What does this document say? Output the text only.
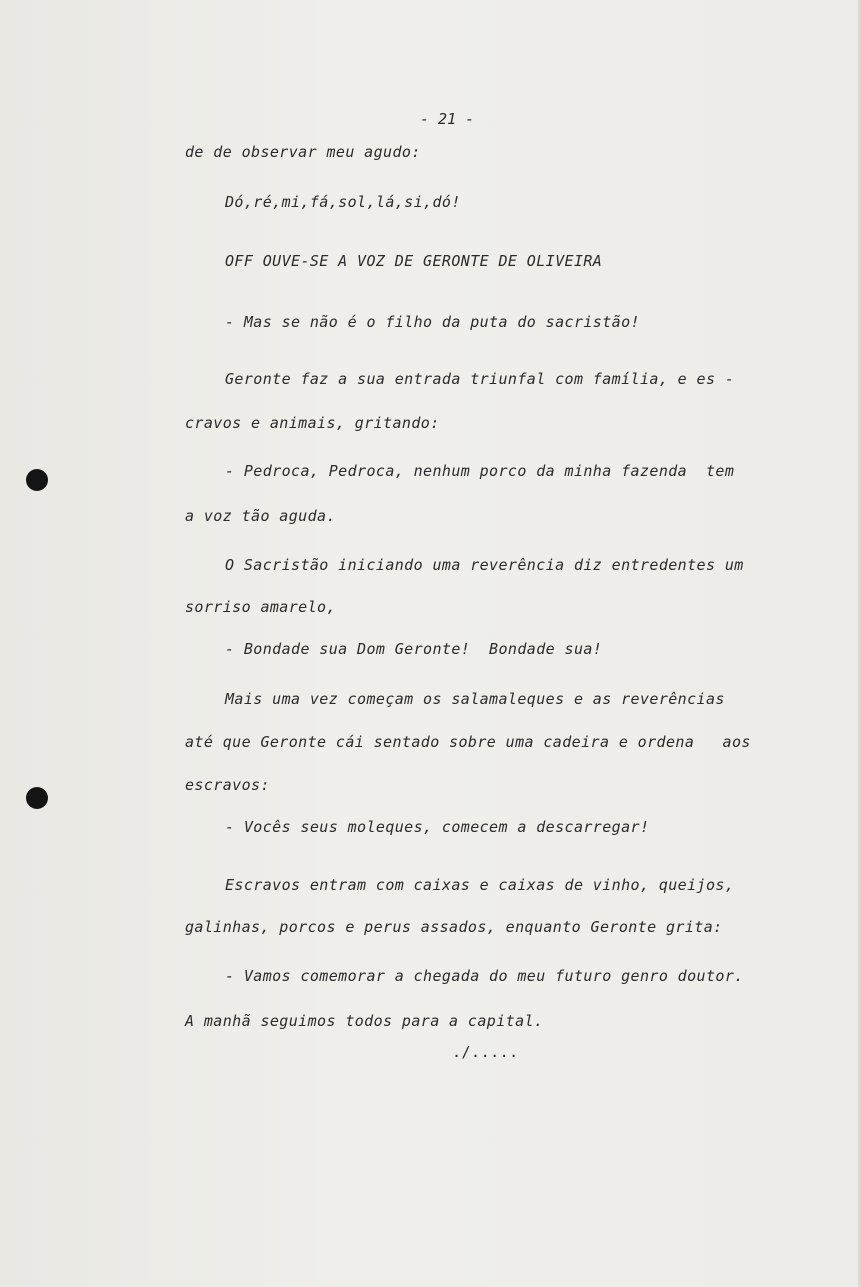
- 21 -
de de observar meu agudo:
Dó,ré,mi,fá,sol,lá,si,dó!
OFF OUVE-SE A VOZ DE GERONTE DE OLIVEIRA
- Mas se não é o filho da puta do sacristão!
Geronte faz a sua entrada triunfal com família, e es -
cravos e animais, gritando:
- Pedroca, Pedroca, nenhum porco da minha fazenda  tem
a voz tão aguda.
O Sacristão iniciando uma reverência diz entredentes um
sorriso amarelo,
- Bondade sua Dom Geronte!  Bondade sua!
Mais uma vez começam os salamaleques e as reverências
até que Geronte cái sentado sobre uma cadeira e ordena   aos
escravos:
- Vocês seus moleques, comecem a descarregar!
Escravos entram com caixas e caixas de vinho, queijos,
galinhas, porcos e perus assados, enquanto Geronte grita:
- Vamos comemorar a chegada do meu futuro genro doutor.
A manhã seguimos todos para a capital.
./.....
